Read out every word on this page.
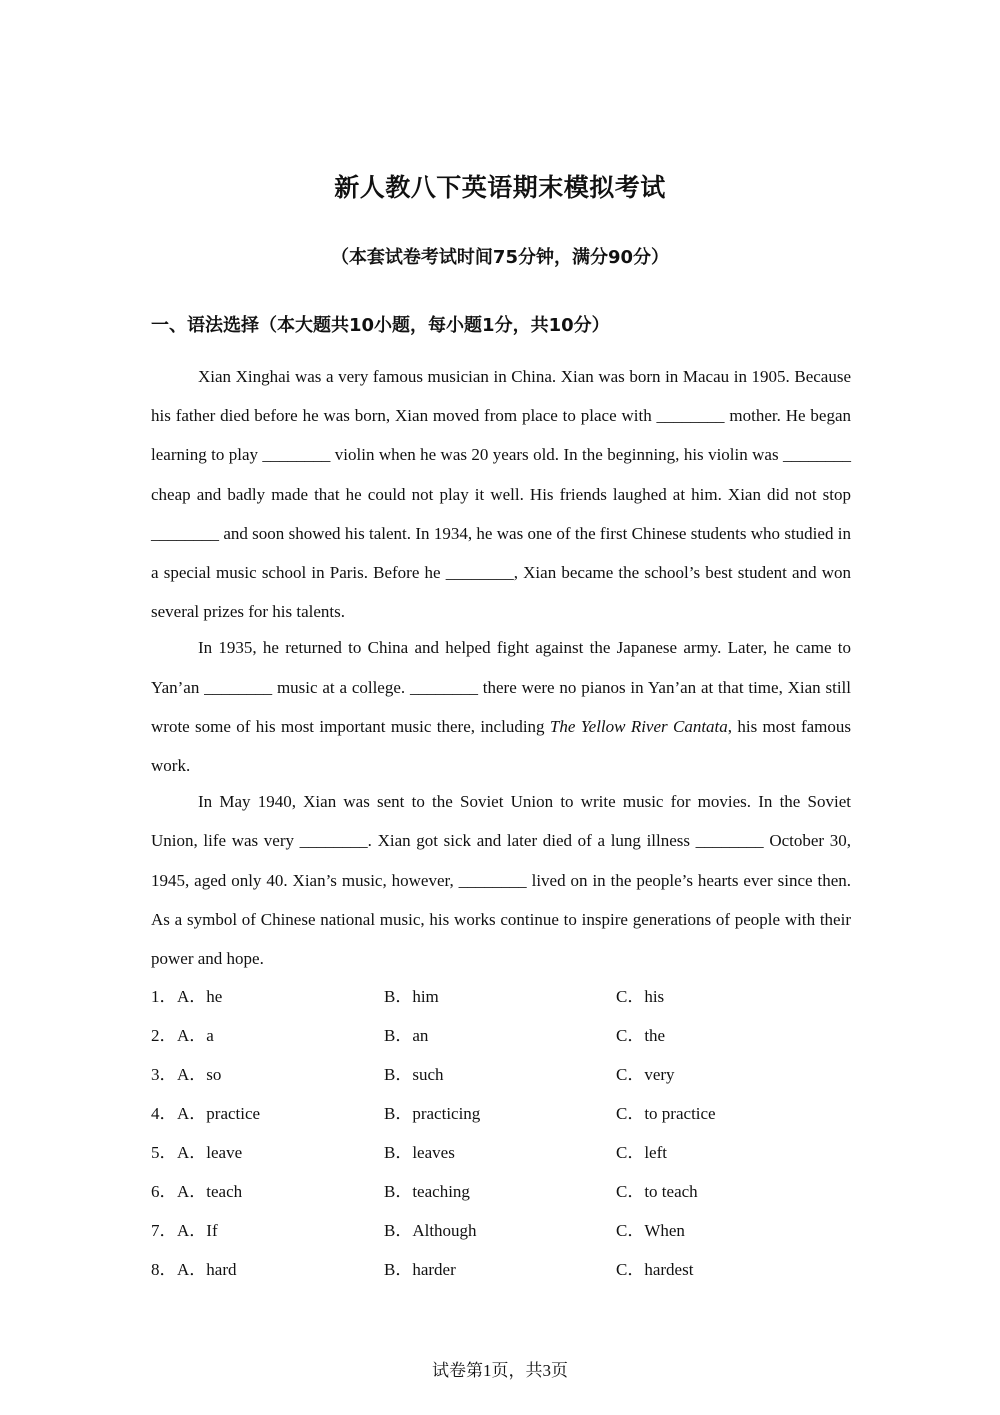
新人教八下英语期末模拟考试
（本套试卷考试时间75分钟，满分90分）
一、语法选择（本大题共10小题，每小题1分，共10分）

Xian Xinghai was a very famous musician in China. Xian was born in Macau in 1905. Because his father died before he was born, Xian moved from place to place with ________ mother. He began learning to play ________ violin when he was 20 years old. In the beginning, his violin was ________ cheap and badly made that he could not play it well. His friends laughed at him. Xian did not stop ________ and soon showed his talent. In 1934, he was one of the first Chinese students who studied in a special music school in Paris. Before he ________, Xian became the school’s best student and won several prizes for his talents.

In 1935, he returned to China and helped fight against the Japanese army. Later, he came to Yan’an ________ music at a college. ________ there were no pianos in Yan’an at that time, Xian still wrote some of his most important music there, including The Yellow River Cantata, his most famous work.

In May 1940, Xian was sent to the Soviet Union to write music for movies. In the Soviet Union, life was very ________. Xian got sick and later died of a lung illness ________ October 30, 1945, aged only 40. Xian’s music, however, ________ lived on in the people’s hearts ever since then. As a symbol of Chinese national music, his works continue to inspire generations of people with their power and hope.

1． A．he	B．him	C．his
2． A．a	B．an	C．the
3． A．so	B．such	C．very
4． A．practice	B．practicing	C．to practice
5． A．leave	B．leaves	C．left
6． A．teach	B．teaching	C．to teach
7． A．If	B．Although	C．When
8． A．hard	B．harder	C．hardest
试卷第1页，共3页
